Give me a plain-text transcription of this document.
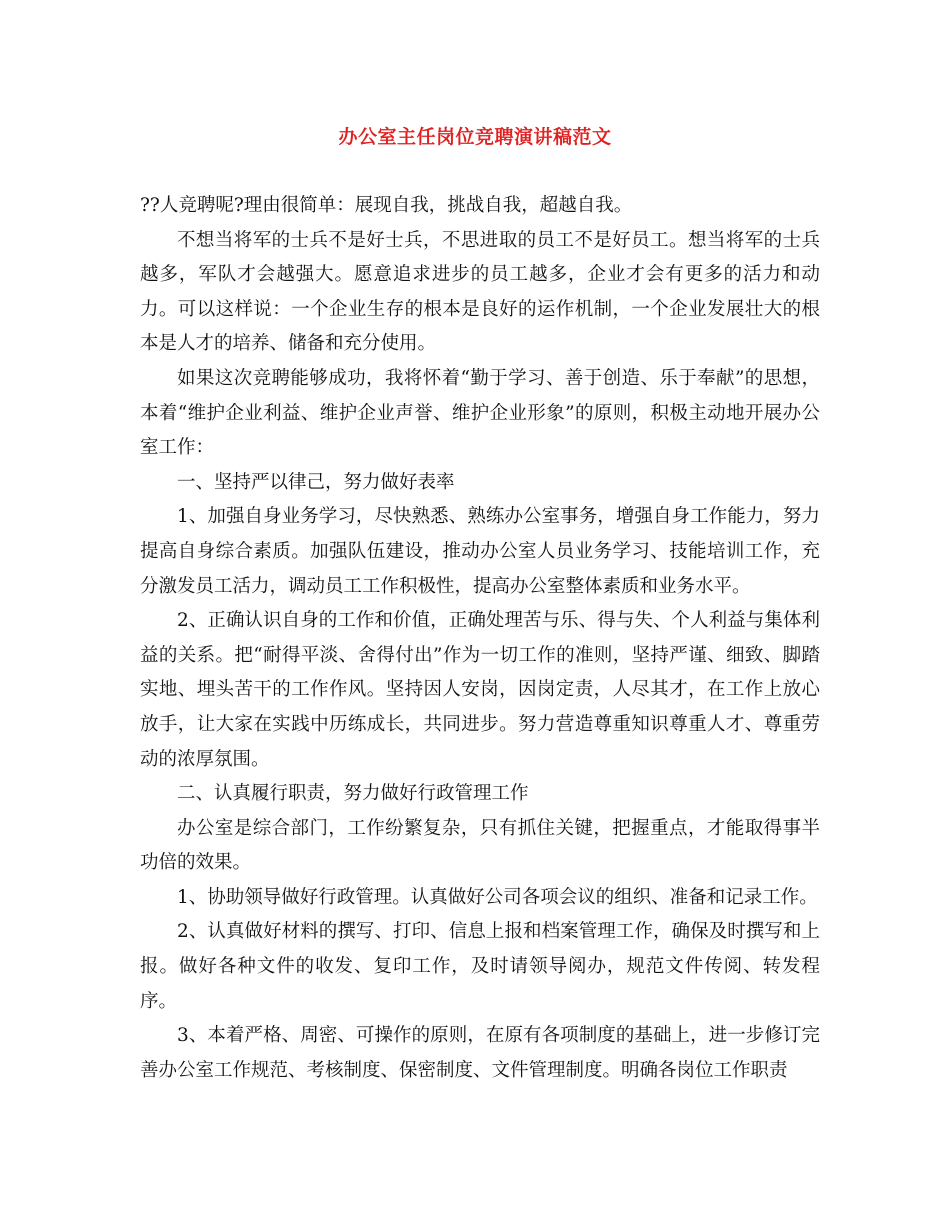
办公室主任岗位竞聘演讲稿范文

??人竞聘呢?理由很简单：展现自我，挑战自我，超越自我。

不想当将军的士兵不是好士兵，不思进取的员工不是好员工。想当将军的士兵越多，军队才会越强大。愿意追求进步的员工越多，企业才会有更多的活力和动力。可以这样说：一个企业生存的根本是良好的运作机制，一个企业发展壮大的根本是人才的培养、储备和充分使用。

如果这次竞聘能够成功，我将怀着“勤于学习、善于创造、乐于奉献”的思想，本着“维护企业利益、维护企业声誉、维护企业形象”的原则，积极主动地开展办公室工作：

一、坚持严以律己，努力做好表率

1、加强自身业务学习，尽快熟悉、熟练办公室事务，增强自身工作能力，努力提高自身综合素质。加强队伍建设，推动办公室人员业务学习、技能培训工作，充分激发员工活力，调动员工工作积极性，提高办公室整体素质和业务水平。

2、正确认识自身的工作和价值，正确处理苦与乐、得与失、个人利益与集体利益的关系。把“耐得平淡、舍得付出”作为一切工作的准则，坚持严谨、细致、脚踏实地、埋头苦干的工作作风。坚持因人安岗，因岗定责，人尽其才，在工作上放心放手，让大家在实践中历练成长，共同进步。努力营造尊重知识尊重人才、尊重劳动的浓厚氛围。

二、认真履行职责，努力做好行政管理工作

办公室是综合部门，工作纷繁复杂，只有抓住关键，把握重点，才能取得事半功倍的效果。

1、协助领导做好行政管理。认真做好公司各项会议的组织、准备和记录工作。

2、认真做好材料的撰写、打印、信息上报和档案管理工作，确保及时撰写和上报。做好各种文件的收发、复印工作，及时请领导阅办，规范文件传阅、转发程序。

3、本着严格、周密、可操作的原则，在原有各项制度的基础上，进一步修订完善办公室工作规范、考核制度、保密制度、文件管理制度。明确各岗位工作职责
